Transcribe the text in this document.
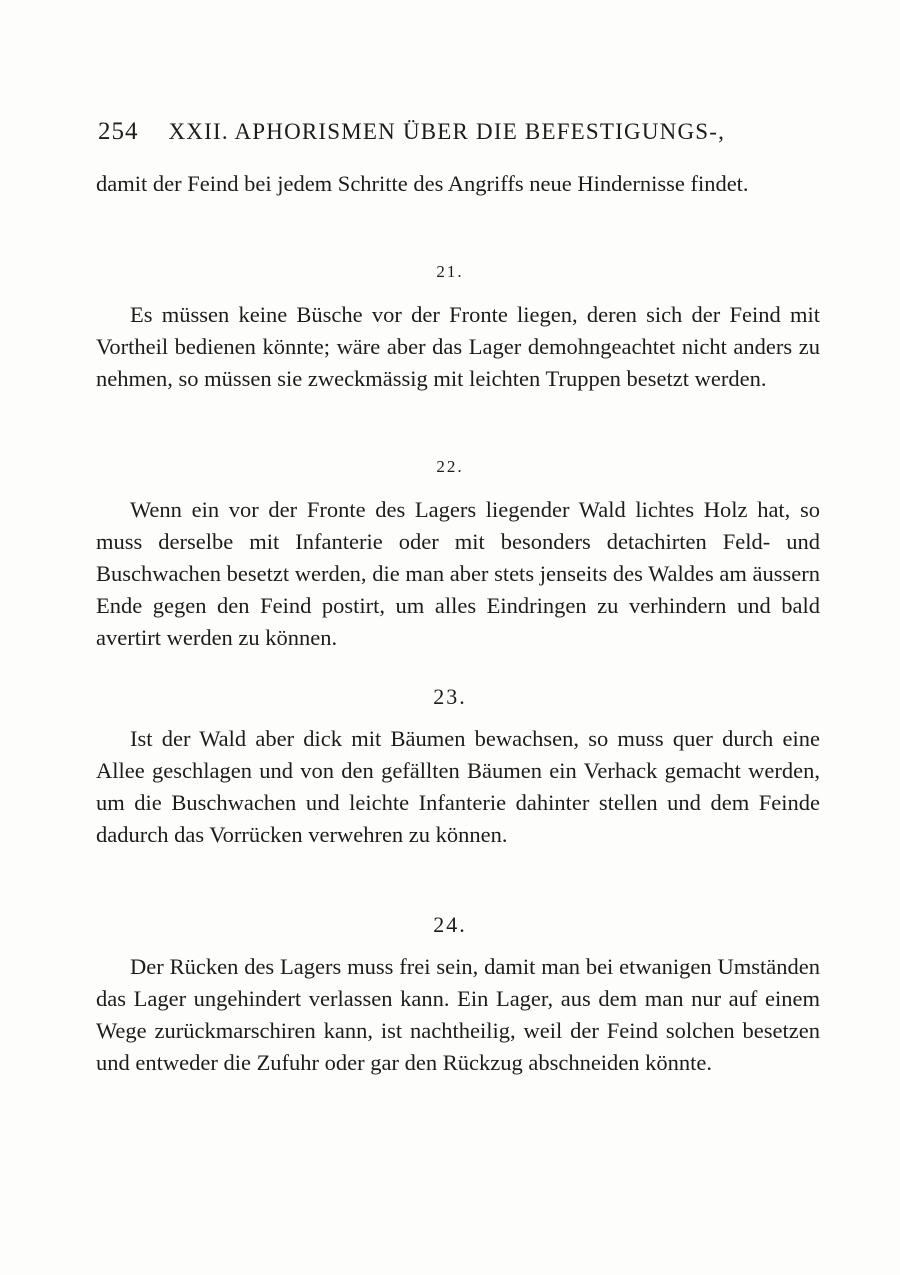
254 XXII. APHORISMEN ÜBER DIE BEFESTIGUNGS-,

damit der Feind bei jedem Schritte des Angriffs neue Hindernisse findet.

21.

Es müssen keine Büsche vor der Fronte liegen, deren sich der Feind mit Vortheil bedienen könnte; wäre aber das Lager demohngeachtet nicht anders zu nehmen, so müssen sie zweckmässig mit leichten Truppen besetzt werden.

22.

Wenn ein vor der Fronte des Lagers liegender Wald lichtes Holz hat, so muss derselbe mit Infanterie oder mit besonders detachirten Feld- und Buschwachen besetzt werden, die man aber stets jenseits des Waldes am äussern Ende gegen den Feind postirt, um alles Eindringen zu verhindern und bald avertirt werden zu können.

23.

Ist der Wald aber dick mit Bäumen bewachsen, so muss quer durch eine Allee geschlagen und von den gefällten Bäumen ein Verhack gemacht werden, um die Buschwachen und leichte Infanterie dahinter stellen und dem Feinde dadurch das Vorrücken verwehren zu können.

24.

Der Rücken des Lagers muss frei sein, damit man bei etwanigen Umständen das Lager ungehindert verlassen kann. Ein Lager, aus dem man nur auf einem Wege zurückmarschiren kann, ist nachtheilig, weil der Feind solchen besetzen und entweder die Zufuhr oder gar den Rückzug abschneiden könnte.
